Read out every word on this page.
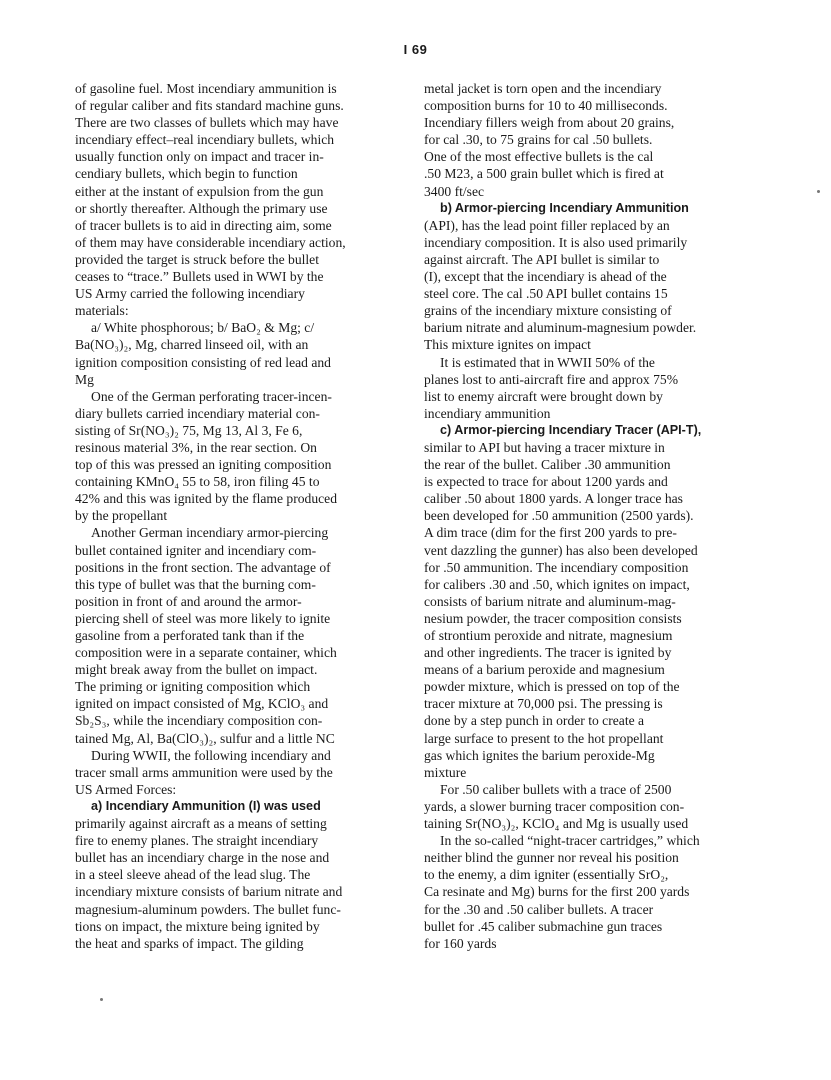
I 69
of gasoline fuel. Most incendiary ammunition is
of regular caliber and fits standard machine guns.
There are two classes of bullets which may have
incendiary effect–real incendiary bullets, which
usually function only on impact and tracer in-
cendiary bullets, which begin to function
either at the instant of expulsion from the gun
or shortly thereafter. Although the primary use
of tracer bullets is to aid in directing aim, some
of them may have considerable incendiary action,
provided the target is struck before the bullet
ceases to “trace.” Bullets used in WWI by the
US Army carried the following incendiary
materials:
a/ White phosphorous; b/ BaO₂ & Mg; c/
Ba(NO₃)₂, Mg, charred linseed oil, with an
ignition composition consisting of red lead and
Mg
One of the German perforating tracer-incen-
diary bullets carried incendiary material con-
sisting of Sr(NO₃)₂ 75, Mg 13, Al 3, Fe 6,
resinous material 3%, in the rear section. On
top of this was pressed an igniting composition
containing KMnO₄ 55 to 58, iron filing 45 to
42% and this was ignited by the flame produced
by the propellant
Another German incendiary armor-piercing
bullet contained igniter and incendiary com-
positions in the front section. The advantage of
this type of bullet was that the burning com-
position in front of and around the armor-
piercing shell of steel was more likely to ignite
gasoline from a perforated tank than if the
composition were in a separate container, which
might break away from the bullet on impact.
The priming or igniting composition which
ignited on impact consisted of Mg, KClO₃ and
Sb₂S₃, while the incendiary composition con-
tained Mg, Al, Ba(ClO₃)₂, sulfur and a little NC
During WWII, the following incendiary and
tracer small arms ammunition were used by the
US Armed Forces:
a) Incendiary Ammunition (I) was used
primarily against aircraft as a means of setting
fire to enemy planes. The straight incendiary
bullet has an incendiary charge in the nose and
in a steel sleeve ahead of the lead slug. The
incendiary mixture consists of barium nitrate and
magnesium-aluminum powders. The bullet func-
tions on impact, the mixture being ignited by
the heat and sparks of impact. The gilding
metal jacket is torn open and the incendiary
composition burns for 10 to 40 milliseconds.
Incendiary fillers weigh from about 20 grains,
for cal .30, to 75 grains for cal .50 bullets.
One of the most effective bullets is the cal
.50 M23, a 500 grain bullet which is fired at
3400 ft/sec
b) Armor-piercing Incendiary Ammunition
(API), has the lead point filler replaced by an
incendiary composition. It is also used primarily
against aircraft. The API bullet is similar to
(I), except that the incendiary is ahead of the
steel core. The cal .50 API bullet contains 15
grains of the incendiary mixture consisting of
barium nitrate and aluminum-magnesium powder.
This mixture ignites on impact
It is estimated that in WWII 50% of the
planes lost to anti-aircraft fire and approx 75%
list to enemy aircraft were brought down by
incendiary ammunition
c) Armor-piercing Incendiary Tracer (API-T),
similar to API but having a tracer mixture in
the rear of the bullet. Caliber .30 ammunition
is expected to trace for about 1200 yards and
caliber .50 about 1800 yards. A longer trace has
been developed for .50 ammunition (2500 yards).
A dim trace (dim for the first 200 yards to pre-
vent dazzling the gunner) has also been developed
for .50 ammunition. The incendiary composition
for calibers .30 and .50, which ignites on impact,
consists of barium nitrate and aluminum-mag-
nesium powder, the tracer composition consists
of strontium peroxide and nitrate, magnesium
and other ingredients. The tracer is ignited by
means of a barium peroxide and magnesium
powder mixture, which is pressed on top of the
tracer mixture at 70,000 psi. The pressing is
done by a step punch in order to create a
large surface to present to the hot propellant
gas which ignites the barium peroxide-Mg
mixture
For .50 caliber bullets with a trace of 2500
yards, a slower burning tracer composition con-
taining Sr(NO₃)₂, KClO₄ and Mg is usually used
In the so-called “night-tracer cartridges,” which
neither blind the gunner nor reveal his position
to the enemy, a dim igniter (essentially SrO₂,
Ca resinate and Mg) burns for the first 200 yards
for the .30 and .50 caliber bullets. A tracer
bullet for .45 caliber submachine gun traces
for 160 yards
